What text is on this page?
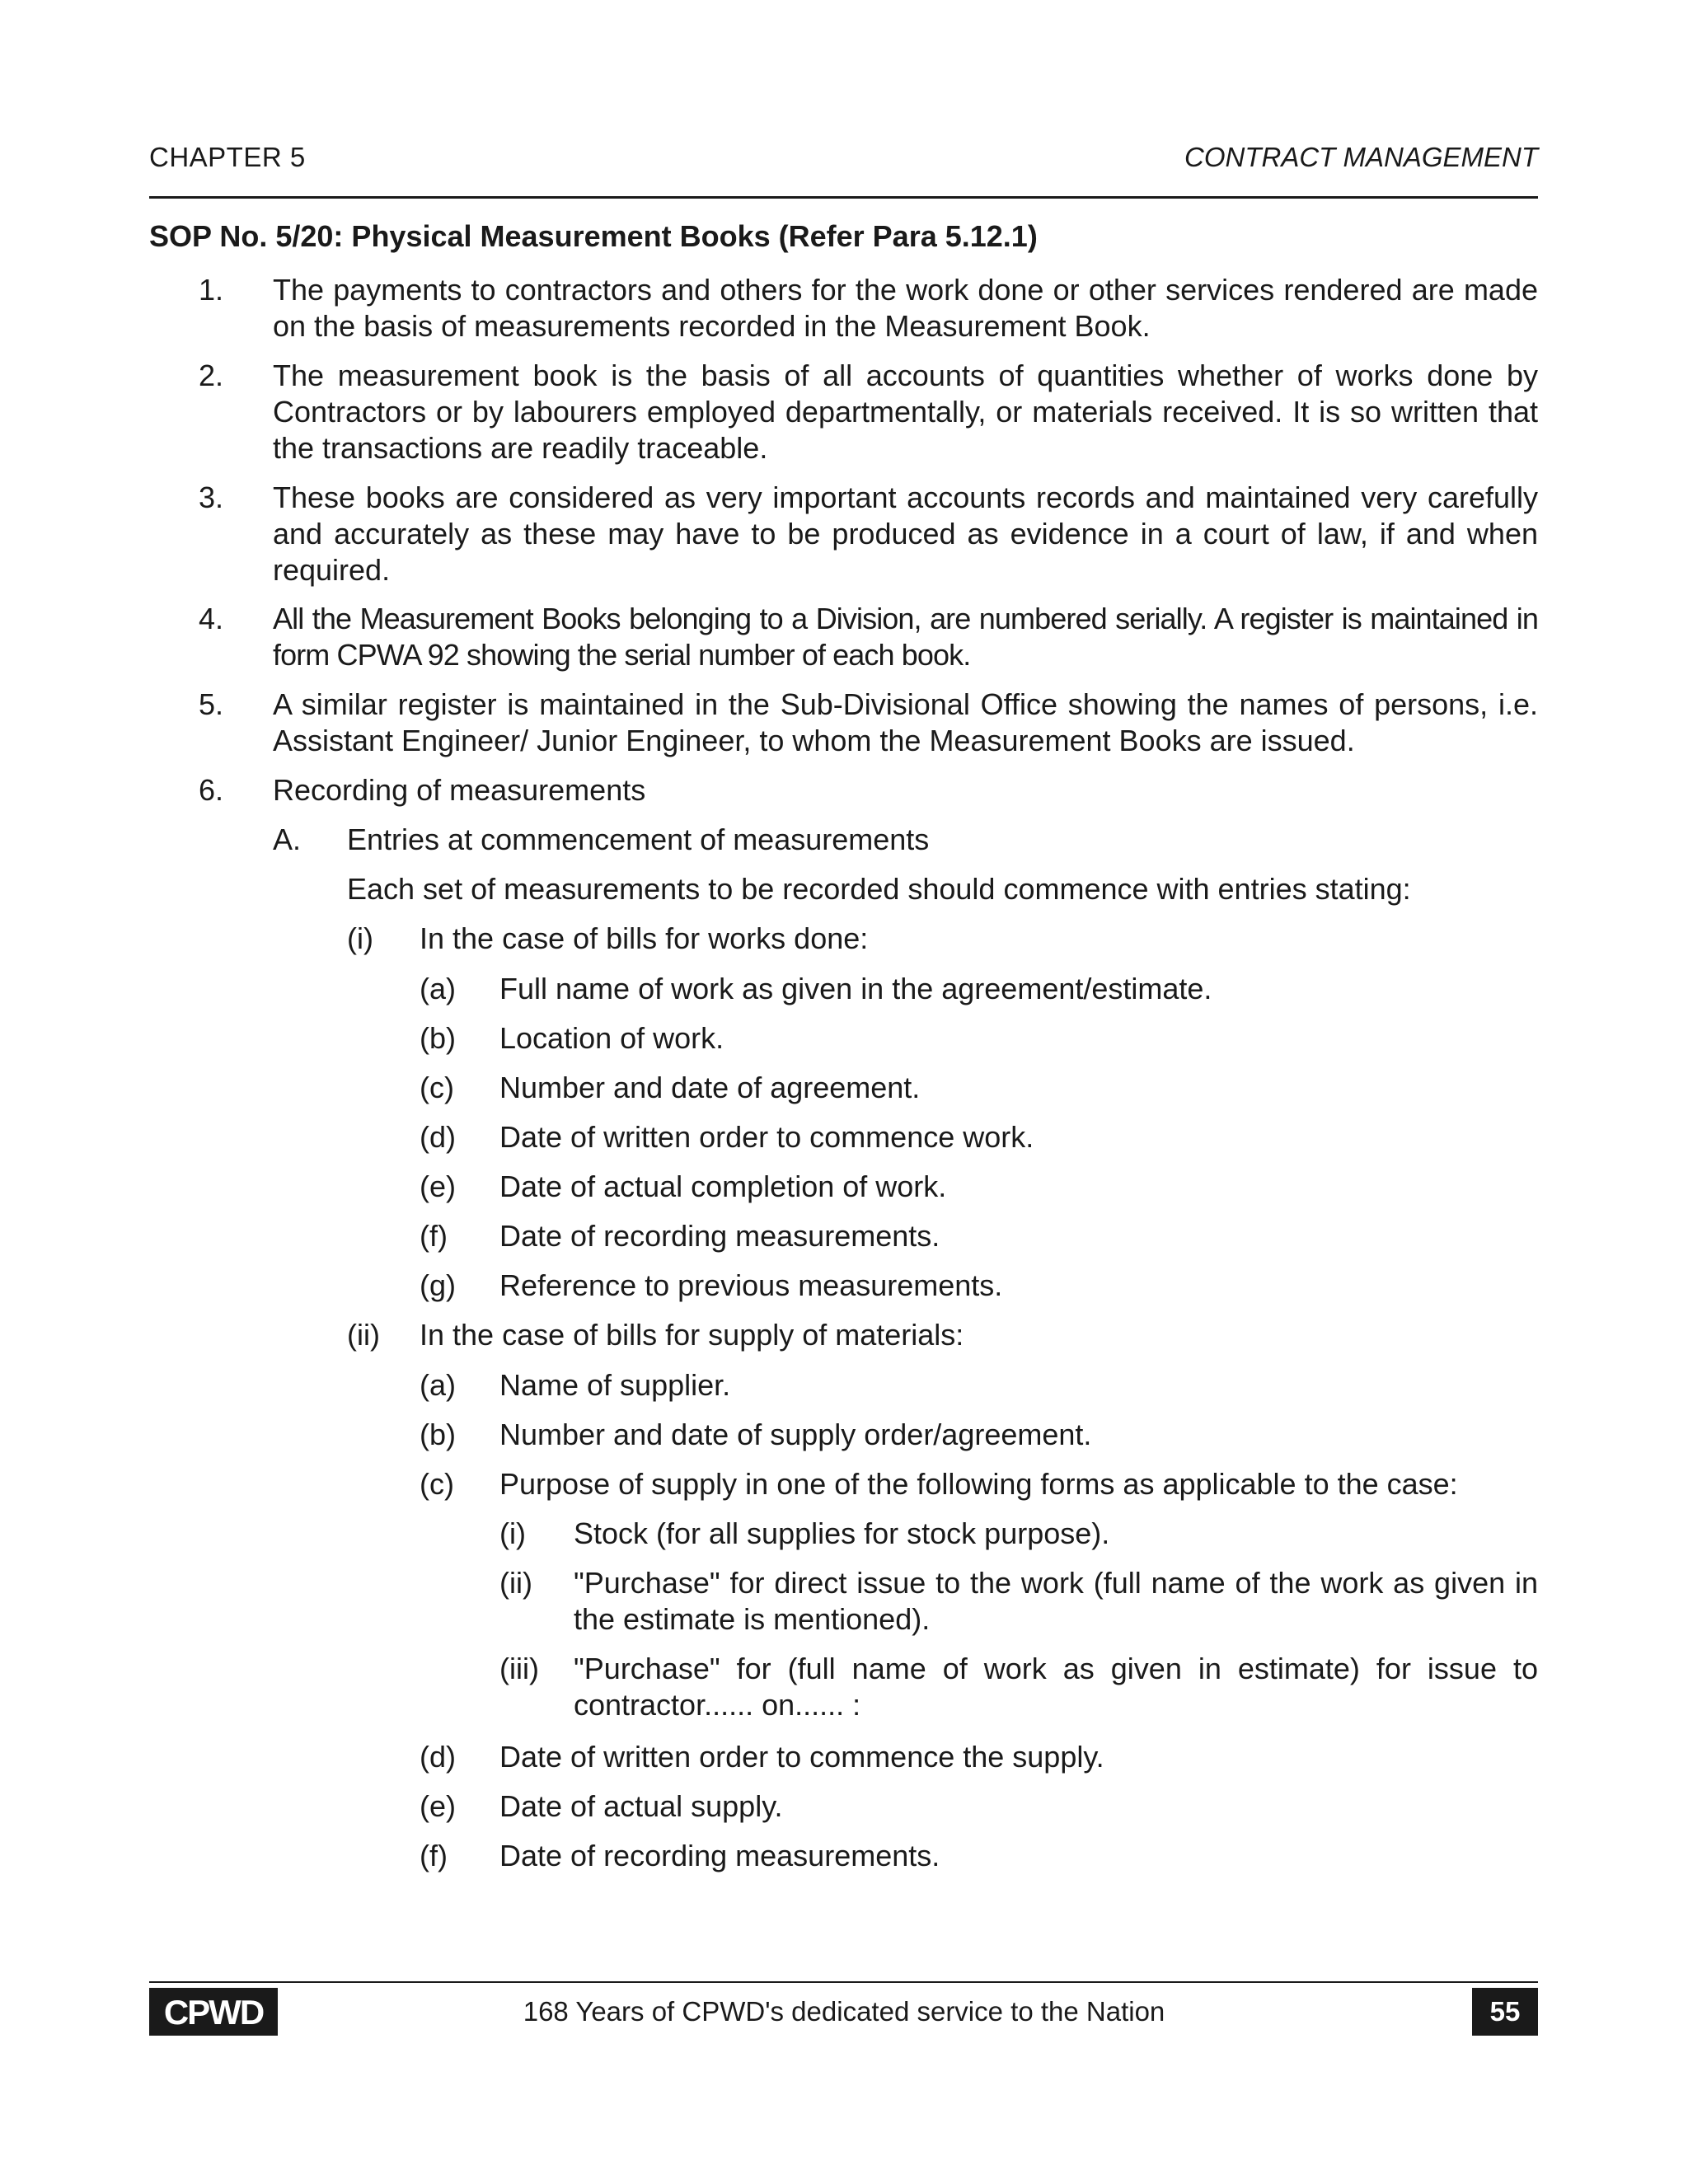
CHAPTER 5	CONTRACT MANAGEMENT
SOP No. 5/20: Physical Measurement Books (Refer Para 5.12.1)
1. The payments to contractors and others for the work done or other services rendered are made on the basis of measurements recorded in the Measurement Book.
2. The measurement book is the basis of all accounts of quantities whether of works done by Contractors or by labourers employed departmentally, or materials received. It is so written that the transactions are readily traceable.
3. These books are considered as very important accounts records and maintained very carefully and accurately as these may have to be produced as evidence in a court of law, if and when required.
4. All the Measurement Books belonging to a Division, are numbered serially. A register is maintained in form CPWA 92 showing the serial number of each book.
5. A similar register is maintained in the Sub-Divisional Office showing the names of persons, i.e. Assistant Engineer/ Junior Engineer, to whom the Measurement Books are issued.
6. Recording of measurements
A. Entries at commencement of measurements
Each set of measurements to be recorded should commence with entries stating:
(i) In the case of bills for works done:
(a) Full name of work as given in the agreement/estimate.
(b) Location of work.
(c) Number and date of agreement.
(d) Date of written order to commence work.
(e) Date of actual completion of work.
(f) Date of recording measurements.
(g) Reference to previous measurements.
(ii) In the case of bills for supply of materials:
(a) Name of supplier.
(b) Number and date of supply order/agreement.
(c) Purpose of supply in one of the following forms as applicable to the case:
(i) Stock (for all supplies for stock purpose).
(ii) "Purchase" for direct issue to the work (full name of the work as given in the estimate is mentioned).
(iii) "Purchase" for (full name of work as given in estimate) for issue to contractor...... on...... :
(d) Date of written order to commence the supply.
(e) Date of actual supply.
(f) Date of recording measurements.
CPWD	168 Years of CPWD's dedicated service to the Nation	55
